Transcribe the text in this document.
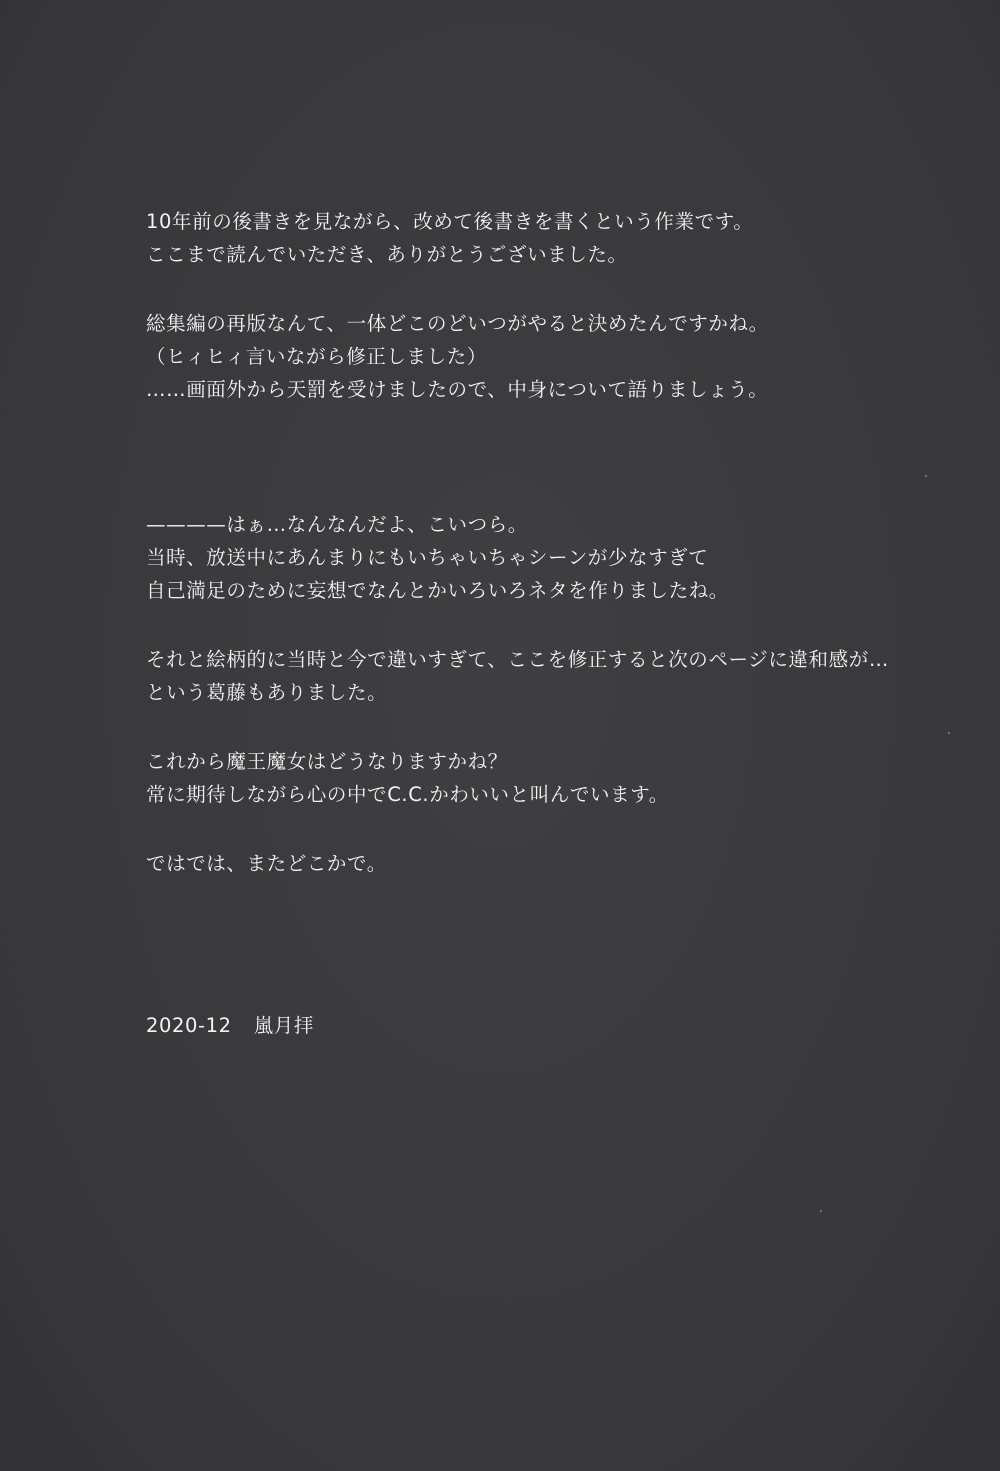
10年前の後書きを見ながら、改めて後書きを書くという作業です。
ここまで読んでいただき、ありがとうございました。
総集編の再版なんて、一体どこのどいつがやると決めたんですかね。
（ヒィヒィ言いながら修正しました）
……画面外から天罰を受けましたので、中身について語りましょう。
————はぁ…なんなんだよ、こいつら。
当時、放送中にあんまりにもいちゃいちゃシーンが少なすぎて
自己満足のために妄想でなんとかいろいろネタを作りましたね。
それと絵柄的に当時と今で違いすぎて、ここを修正すると次のページに違和感が…
という葛藤もありました。
これから魔王魔女はどうなりますかね？
常に期待しながら心の中でC.C.かわいいと叫んでいます。
ではでは、またどこかで。
2020-12 嵐月拝
